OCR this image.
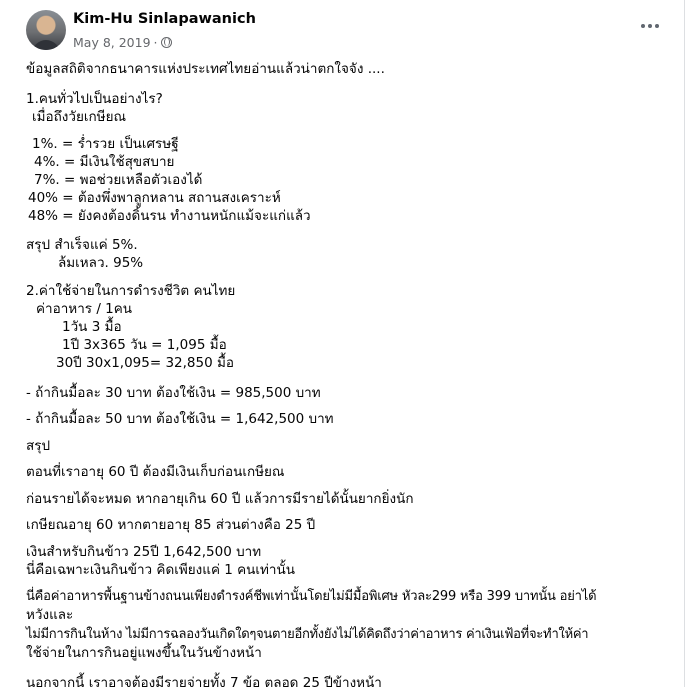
Kim-Hu Sinlapawanich
May 8, 2019 ·
ข้อมูลสถิติจากธนาคารแห่งประเทศไทยอ่านแล้วน่าตกใจจัง ....
1.คนทั่วไปเป็นอย่างไร?
เมื่อถึงวัยเกษียณ
1%. = ร่ำรวย เป็นเศรษฐี
4%. = มีเงินใช้สุขสบาย
7%. = พอช่วยเหลือตัวเองได้
40% = ต้องพึ่งพาลูกหลาน สถานสงเคราะห์
48% = ยังคงต้องดิ้นรน ทำงานหนักแม้จะแก่แล้ว
สรุป สำเร็จแค่ 5%.
ล้มเหลว. 95%
2.ค่าใช้จ่ายในการดำรงชีวิต คนไทย
ค่าอาหาร / 1คน
1วัน 3 มื้อ
1ปี 3x365 วัน = 1,095 มื้อ
30ปี 30x1,095= 32,850 มื้อ
- ถ้ากินมื้อละ 30 บาท ต้องใช้เงิน = 985,500 บาท
- ถ้ากินมื้อละ 50 บาท ต้องใช้เงิน = 1,642,500 บาท
สรุป
ตอนที่เราอายุ 60 ปี ต้องมีเงินเก็บก่อนเกษียณ
ก่อนรายได้จะหมด หากอายุเกิน 60 ปี แล้วการมีรายได้นั้นยากยิ่งนัก
เกษียณอายุ 60 หากตายอายุ 85 ส่วนต่างคือ 25 ปี
เงินสำหรับกินข้าว 25ปี 1,642,500 บาท
นี่คือเฉพาะเงินกินข้าว คิดเพียงแค่ 1 คนเท่านั้น
นี่คือค่าอาหารพื้นฐานข้างถนนเพียงดำรงค์ชีพเท่านั้นโดยไม่มีมื้อพิเศษ หัวละ299 หรือ 399 บาทนั้น อย่าได้
หวังและ
ไม่มีการกินในห้าง ไม่มีการฉลองวันเกิดใดๆจนตายอีกทั้งยังไม่ได้คิดถึงว่าค่าอาหาร ค่าเงินเฟ้อที่จะทำให้ค่า
ใช้จ่ายในการกินอยู่แพงขึ้นในวันข้างหน้า
นอกจากนี้ เราอาจต้องมีรายจ่ายทั้ง 7 ข้อ ตลอด 25 ปีข้างหน้า
